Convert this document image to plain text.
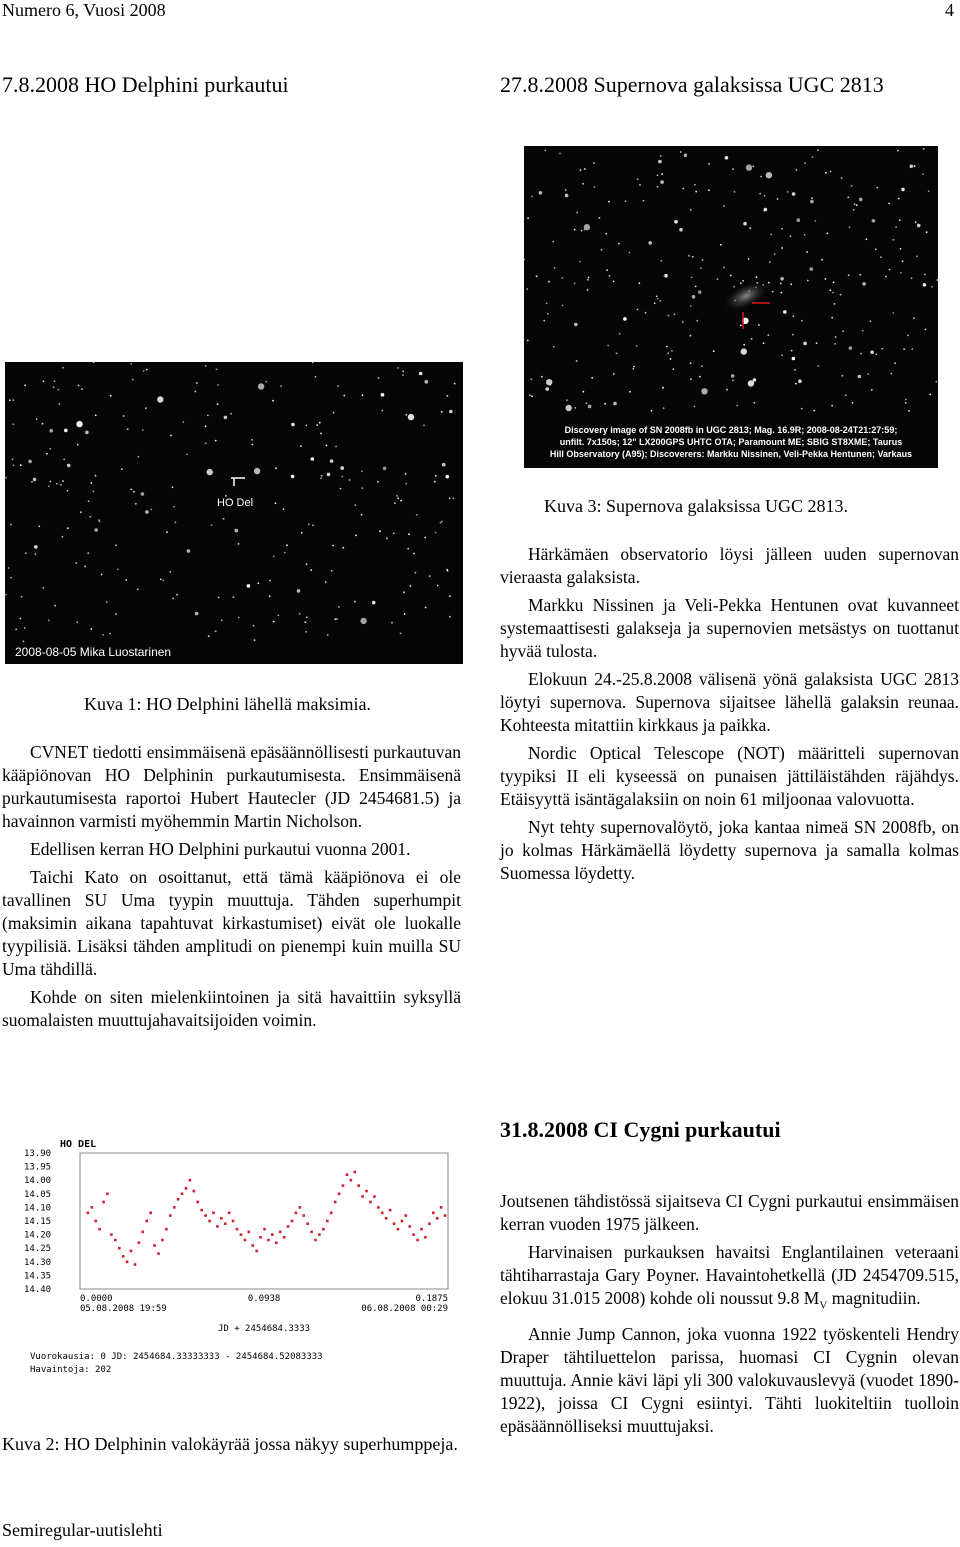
Numero 6, Vuosi 2008	4
7.8.2008 HO Delphini purkautui
HO Del
2008-08-05 Mika Luostarinen
Kuva 1: HO Delphini lähellä maksimia.

CVNET tiedotti ensimmäisenä epäsäännöllisesti purkautuvan kääpiönovan HO Delphinin purkautumisesta. Ensimmäisenä purkautumisesta raportoi Hubert Hautecler (JD 2454681.5) ja havainnon varmisti myöhemmin Martin Nicholson.

Edellisen kerran HO Delphini purkautui vuonna 2001.

Taichi Kato on osoittanut, että tämä kääpiönova ei ole tavallinen SU Uma tyypin muuttuja. Tähden superhumpit (maksimin aikana tapahtuvat kirkastumiset) eivät ole luokalle tyypilisiä. Lisäksi tähden amplitudi on pienempi kuin muilla SU Uma tähdillä.

Kohde on siten mielenkiintoinen ja sitä havaittiin syksyllä suomalaisten muuttujahavaitsijoiden voimin.

HO DEL
13.90
13.95
14.00
14.05
14.10
14.15
14.20
14.25
14.30
14.35
14.40
0.0000
05.08.2008 19:59
0.0938	0.1875
06.08.2008 00:29
JD + 2454684.3333
Vuorokausia: 0 JD: 2454684.33333333 - 2454684.52083333
Havaintoja: 202
Kuva 2: HO Delphinin valokäyrää jossa näkyy superhumppeja.
27.8.2008 Supernova galaksissa UGC 2813
Discovery image of SN 2008fb in UGC 2813; Mag. 16.9R; 2008-08-24T21:27:59;
unfilt. 7x150s; 12" LX200GPS UHTC OTA; Paramount ME; SBIG ST8XME; Taurus
Hill Observatory (A95); Discoverers: Markku Nissinen, Veli-Pekka Hentunen; Varkaus
Kuva 3: Supernova galaksissa UGC 2813.

Härkämäen observatorio löysi jälleen uuden supernovan vieraasta galaksista.

Markku Nissinen ja Veli-Pekka Hentunen ovat kuvanneet systemaattisesti galakseja ja supernovien metsästys on tuottanut hyvää tulosta.

Elokuun 24.-25.8.2008 välisenä yönä galaksista UGC 2813 löytyi supernova. Supernova sijaitsee lähellä galaksin reunaa. Kohteesta mitattiin kirkkaus ja paikka.

Nordic Optical Telescope (NOT) määritteli supernovan tyypiksi II eli kyseessä on punaisen jättiläistähden räjähdys. Etäisyyttä isäntägalaksiin on noin 61 miljoonaa valovuotta.

Nyt tehty supernovalöytö, joka kantaa nimeä SN 2008fb, on jo kolmas Härkämäellä löydetty supernova ja samalla kolmas Suomessa löydetty.

31.8.2008 CI Cygni purkautui

Joutsenen tähdistössä sijaitseva CI Cygni purkautui ensimmäisen kerran vuoden 1975 jälkeen.

Harvinaisen purkauksen havaitsi Englantilainen veteraani tähtiharrastaja Gary Poyner. Havaintohetkellä (JD 2454709.515, elokuu 31.015 2008) kohde oli noussut 9.8 $M_V$ magnitudiin.

Annie Jump Cannon, joka vuonna 1922 työskenteli Hendry Draper tähtiluettelon parissa, huomasi CI Cygnin olevan muuttuja. Annie kävi läpi yli 300 valokuvauslevyä (vuodet 1890-1922), joissa CI Cygni esiintyi. Tähti luokiteltiin tuolloin epäsäännölliseksi muuttujaksi.

Semiregular-uutislehti
